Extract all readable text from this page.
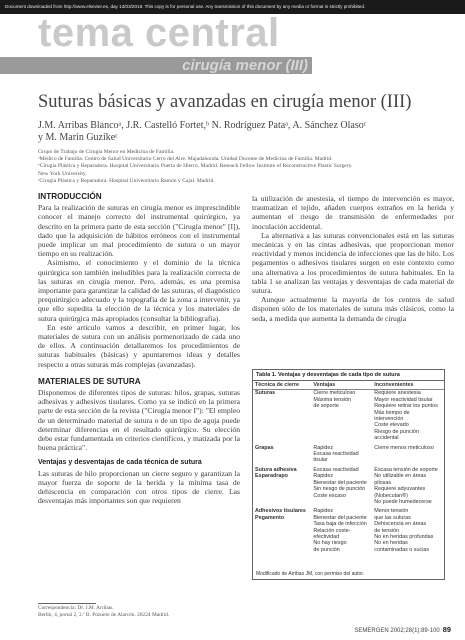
Document downloaded from http://www.elsevier.es, day 13/03/2018. This copy is for personal use. Any transmission of this document by any media or format is strictly prohibited.
tema central
cirugía menor (III)
Suturas básicas y avanzadas en cirugía menor (III)
J.M. Arribas Blancoᵃ, J.R. Castelló Fortet,ᵇ N. Rodríguez Pataᵃ, A. Sánchez Olasoᶜ
y M. Marín Guzikeᶜ
Grupo de Trabajo de Cirugía Menor en Medicina de Familia.
ᵃMédico de Familia. Centro de Salud Universitario Cerro del Aire. Majadahonda. Unidad Docente de Medicina de Familia. Madrid.
ᵇCirugía Plástica y Reparadora. Hospital Universitario Puerta de Hierro. Madrid. Reseach Fellow Institute of Reconstructive Plastic Surgery.
New York University.
ᶜCirugía Plástica y Reparadora. Hospital Universitario Ramón y Cajal. Madrid.
INTRODUCCIÓN

Para la realización de suturas en cirugía menor es imprescindible conocer el manejo correcto del instrumental quirúrgico, ya descrito en la primera parte de esta sección ("Cirugía menor" [I]), dado que la adquisición de hábitos erróneos con el instrumental puede implicar un mal procedimiento de sutura o un mayor tiempo en su realización.

Asimismo, el conocimiento y el dominio de la técnica quirúrgica son también ineludibles para la realización correcta de las suturas en cirugía menor. Pero, además, es una premisa importante para garantizar la calidad de las suturas, el diagnóstico prequirúrgico adecuado y la topografía de la zona a intervenir, ya que ello supedita la elección de la técnica y los materiales de sutura quirúrgica más apropiados (consultar la bibliografía).

En este artículo vamos a describir, en primer lugar, los materiales de sutura con un análisis pormenorizado de cada uno de ellos. A continuación detallaremos los procedimientos de suturas habituales (básicas) y apuntaremos ideas y detalles respecto a otras suturas más complejas (avanzadas).

MATERIALES DE SUTURA

Disponemos de diferentes tipos de suturas: hilos, grapas, suturas adhesivas y adhesivos tisulares. Como ya se indicó en la primera parte de esta sección de la revista ("Cirugía menor I"): "El empleo de un determinado material de sutura o de un tipo de aguja puede determinar diferencias en el resultado quirúrgico. Su elección debe estar fundamentada en criterios científicos, y matizada por la buena práctica".

Ventajas y desventajas de cada técnica de sutura

Las suturas de hilo proporcionan un cierre seguro y garantizan la mayor fuerza de soporte de la herida y la mínima tasa de dehiscencia en comparación con otros tipos de cierre. Las desventajas más importantes son que requieren

la utilización de anestesia, el tiempo de intervención es mayor, traumatizan el tejido, añaden cuerpos extraños en la herida y aumentan el riesgo de transmisión de enfermedades por inoculación accidental.

La alternativa a las suturas convencionales está en las suturas mecánicas y en las cintas adhesivas, que proporcionan menor reactividad y menos incidencia de infecciones que las de hilo. Los pegamentos o adhesivos tisulares surgen en este contexto como una alternativa a los procedimientos de sutura habituales. En la tabla 1 se analizan las ventajas y desventajas de cada material de sutura.

Aunque actualmente la mayoría de los centros de salud disponen sólo de los materiales de sutura más clásicos, como la seda, a medida que aumenta la demanda de cirugía

Tabla 1. Ventajas y desventajas de cada tipo de sutura
Técnica de cierre	Ventajas	Inconvenientes
Suturas	Cierre meticuloso	Requiere anestesia
	Máxima tensión	Mayor reactividad tisular
	de soporte	Requiere retirar los puntos
		Más tiempo de
		intervención
		Coste elevado
		Riesgo de punción
		accidental
Grapas	Rapidez	Cierre menos meticuloso
	Escasa reactividad	
	tisular	
Sutura adhesiva	Escasa reactividad	Escasa tensión de soporte
Esparadrapo	Rapidez	No utilizable en áreas
	Bienestar del paciente	pilosas
	Sin riesgo de punción	Requiere adyuvantes
	Coste escaso	(Nobecutan®)
		No puede humedecerse
Adhesivos tisulares	Rapidez	Menor tensión
Pegamento	Bienestar del paciente	que las suturas
	Tasa baja de infección	Dehiscencia en áreas
	Relación coste-	de tensión
	efectividad	No en heridas profundas
	No hay riesgo	No en heridas
	de punción	contaminadas o sucias
Modificado de Arribas JM, con permiso del autor.
Correspondencia: Dr. J.M. Arribas.
Berlín, 4, portal 2, 3.º B. Pozuelo de Alarcón. 28224 Madrid.
SEMERGEN 2002;28(1):89-100 89
